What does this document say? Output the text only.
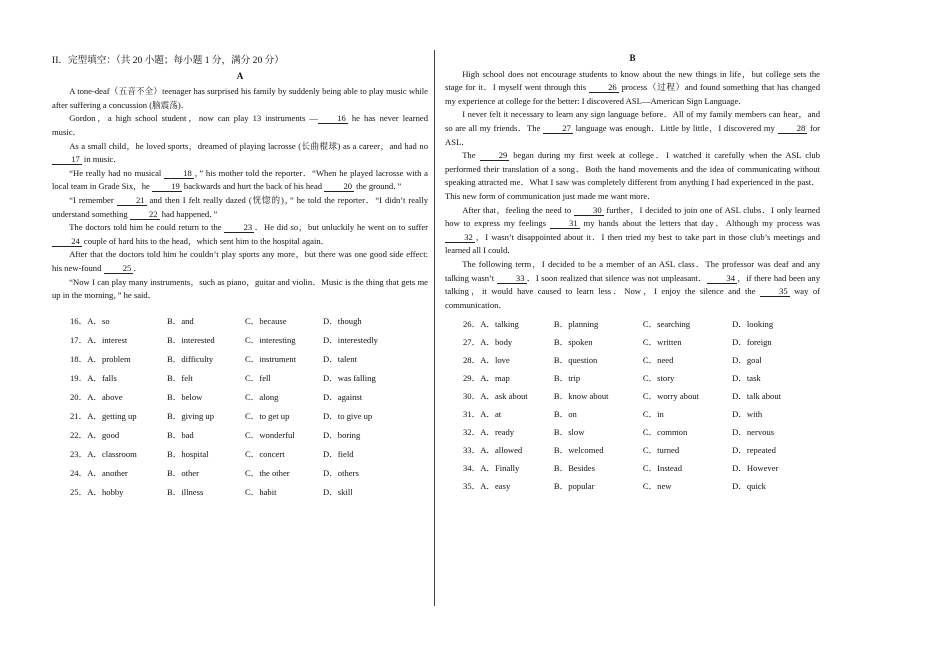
II．完型填空：（共 20 小题；每小题 1 分，满分 20 分）
A

A tone-deaf（五音不全）teenager has surprised his family by suddenly being able to play music while after suffering a concussion (脑震荡)．

Gordon，a high school student，now can play 13 instruments — 16 he has never learned music．

As a small child，he loved sports，dreamed of playing lacrosse (长曲棍球) as a career，and had no 17 in music．

“He really had no musical 18 ，” his mother told the reporter．“When he played lacrosse with a local team in Grade Six，he 19 backwards and hurt the back of his head 20 the ground．”

“I remember 21 and then I felt really dazed (恍惚的)，” he told the reporter．“I didn’t really understand something 22 had happened．”

The doctors told him he could return to the 23 ．He did so，but unluckily he went on to suffer 24 couple of hard hits to the head，which sent him to the hospital again．

After that the doctors told him he couldn’t play sports any more，but there was one good side effect: his new-found 25 ．

“Now I can play many instruments，such as piano，guitar and violin．Music is the thing that gets me up in the morning，” he said．

16．A．so	B．and	C．because	D．though
17．A．interest	B．interested	C．interesting	D．interestedly
18．A．problem	B．difficulty	C．instrument	D．talent
19．A．falls	B．felt	C．fell	D．was falling
20．A．above	B．below	C．along	D．against
21．A．getting up	B．giving up	C．to get up	D．to give up
22．A．good	B．bad	C．wonderful	D．boring
23．A．classroom	B．hospital	C．concert	D．field
24．A．another	B．other	C．the other	D．others
25．A．hobby	B．illness	C．habit	D．skill
B

High school does not encourage students to know about the new things in life，but college sets the stage for it．I myself went through this 26 process（过程）and found something that has changed my experience at college for the better: I discovered ASL—American Sign Language．

I never felt it necessary to learn any sign language before．All of my family members can hear，and so are all my friends．The 27 language was enough．Little by little，I discovered my 28 for ASL．

The 29 began during my first week at college．I watched it carefully when the ASL club performed their translation of a song．Both the hand movements and the idea of communicating without speaking attracted me．What I saw was completely different from anything I had experienced in the past．This new form of communication just made me want more．

After that，feeling the need to 30 further，I decided to join one of ASL clubs．I only learned how to express my feelings 31 my hands about the letters that day．Although my process was 32 ，I wasn’t disappointed about it．I then tried my best to take part in those club’s meetings and learned all I could．

The following term，I decided to be a member of an ASL class．The professor was deaf and any talking wasn’t 33 ．I soon realized that silence was not unpleasant． 34 ，if there had been any talking，it would have caused to learn less．Now，I enjoy the silence and the 35 way of communication．

26．A．talking	B．planning	C．searching	D．looking
27．A．body	B．spoken	C．written	D．foreign
28．A．love	B．question	C．need	D．goal
29．A．map	B．trip	C．story	D．task
30．A．ask about	B．know about	C．worry about	D．talk about
31．A．at	B．on	C．in	D．with
32．A．ready	B．slow	C．common	D．nervous
33．A．allowed	B．welcomed	C．turned	D．repeated
34．A．Finally	B．Besides	C．Instead	D．However
35．A．easy	B．popular	C．new	D．quick
